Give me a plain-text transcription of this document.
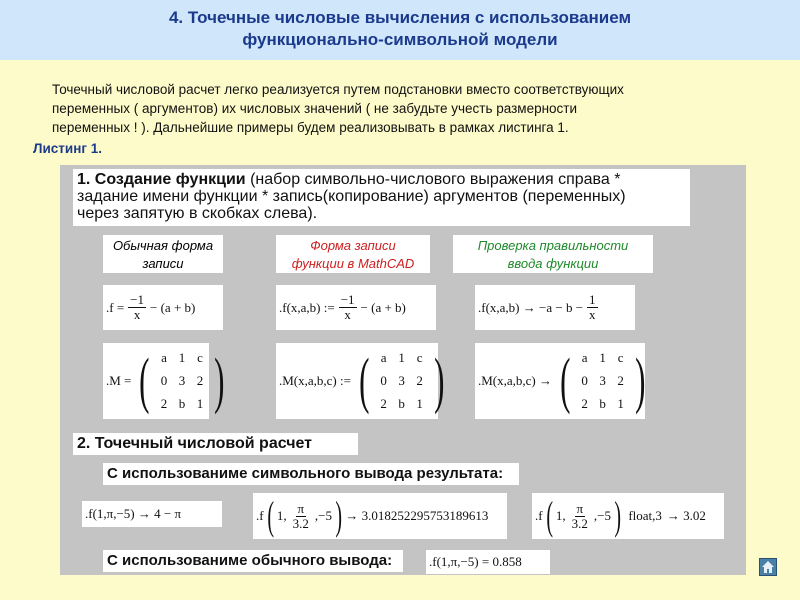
4. Точечные числовые вычисления с использованием
функционально-символьной модели
Точечный числовой расчет легко реализуется путем подстановки вместо соответствующих
переменных ( аргументов) их числовых значений ( не забудьте учесть размерности
переменных ! ). Дальнейшие примеры будем реализовывать в рамках листинга 1.
Листинг 1.
1. Создание функции (набор символьно-числового выражения справа *
задание имени функции * запись(копирование) аргументов (переменных)
через запятую в скобках слева).
Обычная форма
записи
Форма записи
функции в MathCAD
Проверка правильности
ввода функции
$.f = \frac{-1}{x} - (a + b)$	.f(x,a,b) := $\frac{-1}{x} - (a + b)$	$.f(x,a,b) \to -a - b - \frac{1}{x}$
.M = ( a 1 c
0 3 2
2 b 1 )	.M(x,a,b,c) := ( a 1 c
0 3 2
2 b 1 )	.M(x,a,b,c) → ( a 1 c
0 3 2
2 b 1 )
2. Точечный числовой расчет
С использованиме символьного вывода результата:
.f(1,π,−5) → 4 − π	.f ( 1, $\frac{\pi}{3.2} ,-5$ ) → 3.018252295753189613	.f ( 1, $\frac{\pi}{3.2} ,-5$ ) float,3 → 3.02
С использованиме обычного вывода:	.f(1,π,−5) = 0.858
